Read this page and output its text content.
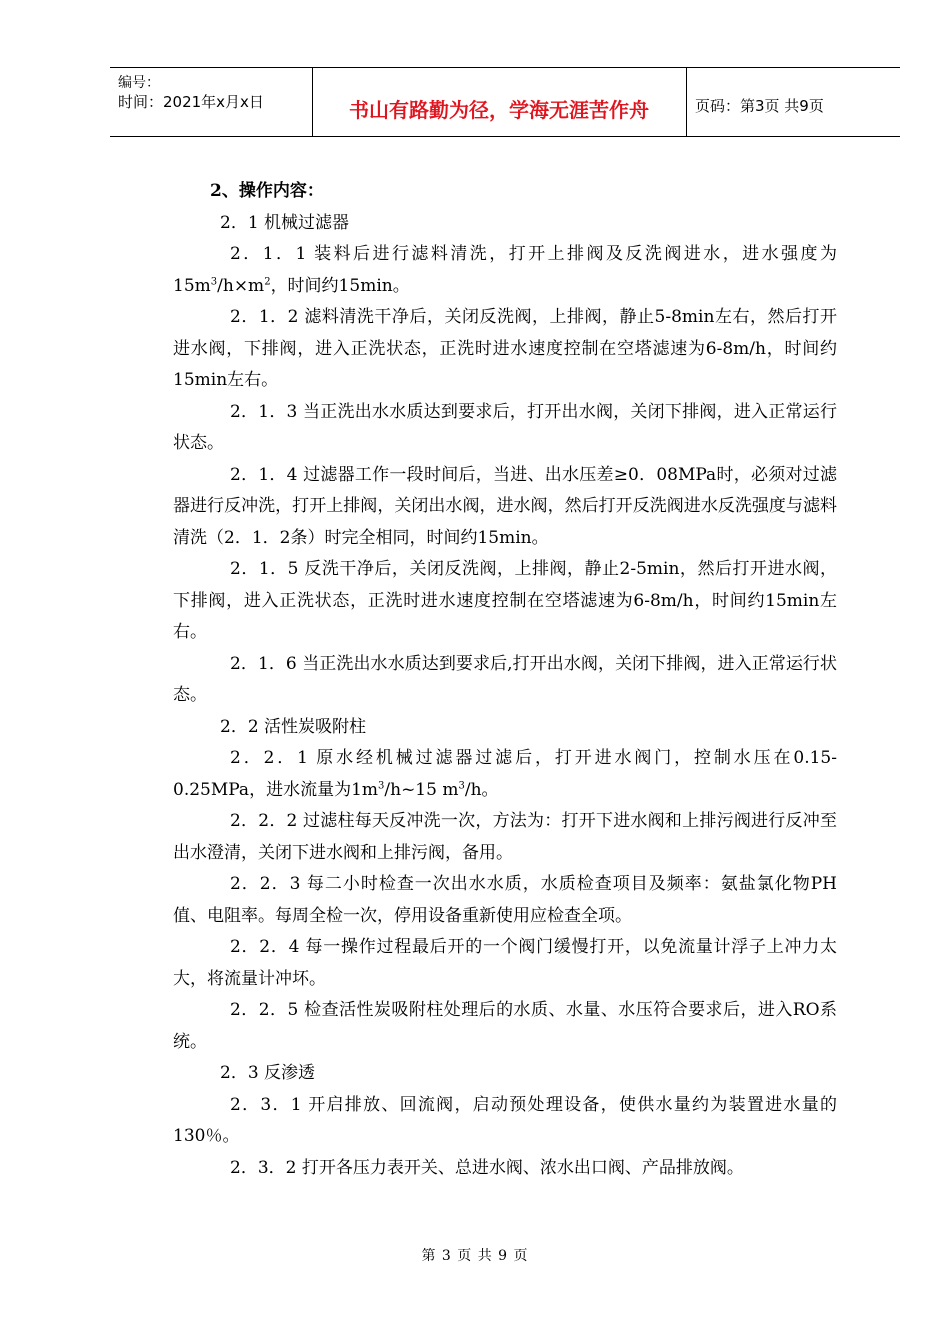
编号：
时间：2021年x月x日	书山有路勤为径，学海无涯苦作舟	页码：第3页 共9页

2、操作内容：

2．1 机械过滤器

2．1．1 装料后进行滤料清洗，打开上排阀及反洗阀进水，进水强度为$15m^3/h\times m^2$，时间约15min。

2．1．2 滤料清洗干净后，关闭反洗阀，上排阀，静止5-8min左右，然后打开进水阀，下排阀，进入正洗状态，正洗时进水速度控制在空塔滤速为6-8m/h，时间约15min左右。

2．1．3 当正洗出水水质达到要求后，打开出水阀，关闭下排阀，进入正常运行状态。

2．1．4 过滤器工作一段时间后，当进、出水压差≥0．08MPa时，必须对过滤器进行反冲洗，打开上排阀，关闭出水阀，进水阀，然后打开反洗阀进水反洗强度与滤料清洗（2．1．2条）时完全相同，时间约15min。

2．1．5 反洗干净后，关闭反洗阀，上排阀，静止2-5min，然后打开进水阀，下排阀，进入正洗状态，正洗时进水速度控制在空塔滤速为6-8m/h，时间约15min左右。

2．1．6 当正洗出水水质达到要求后,打开出水阀，关闭下排阀，进入正常运行状态。

2．2 活性炭吸附柱

2．2．1 原水经机械过滤器过滤后，打开进水阀门，控制水压在0.15-0.25MPa，进水流量为$1m^3/h\sim 15$ $m^3/h$。

2．2．2 过滤柱每天反冲洗一次，方法为：打开下进水阀和上排污阀进行反冲至出水澄清，关闭下进水阀和上排污阀，备用。

2．2．3 每二小时检查一次出水水质，水质检查项目及频率：氨盐氯化物PH值、电阻率。每周全检一次，停用设备重新使用应检查全项。

2．2．4 每一操作过程最后开的一个阀门缓慢打开，以免流量计浮子上冲力太大，将流量计冲坏。

2．2．5 检查活性炭吸附柱处理后的水质、水量、水压符合要求后，进入RO系统。

2．3 反渗透

2．3．1 开启排放、回流阀，启动预处理设备，使供水量约为装置进水量的130％。

2．3．2 打开各压力表开关、总进水阀、浓水出口阀、产品排放阀。

第 3 页 共 9 页
